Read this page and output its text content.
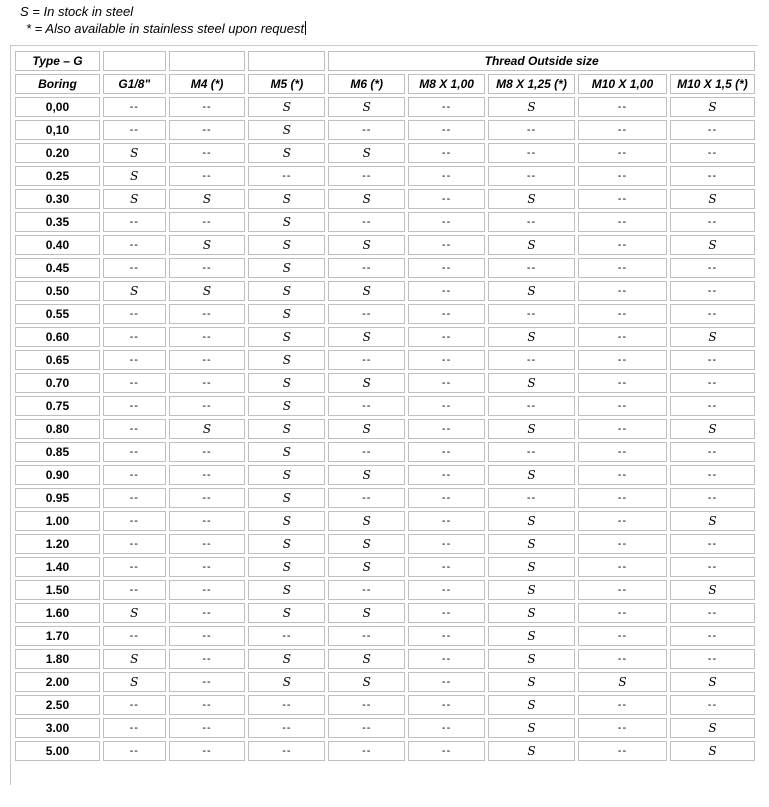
S = In stock in steel
* = Also available in stainless steel upon request
Type – G				Thread Outside size				
Boring	G1/8"	M4 (*)	M5 (*)	M6 (*)	M8 X 1,00	M8 X 1,25 (*)	M10 X 1,00	M10 X 1,5 (*)
0,00	--	--	S	S	--	S	--	S
0,10	--	--	S	--	--	--	--	--
0.20	S	--	S	S	--	--	--	--
0.25	S	--	--	--	--	--	--	--
0.30	S	S	S	S	--	S	--	S
0.35	--	--	S	--	--	--	--	--
0.40	--	S	S	S	--	S	--	S
0.45	--	--	S	--	--	--	--	--
0.50	S	S	S	S	--	S	--	--
0.55	--	--	S	--	--	--	--	--
0.60	--	--	S	S	--	S	--	S
0.65	--	--	S	--	--	--	--	--
0.70	--	--	S	S	--	S	--	--
0.75	--	--	S	--	--	--	--	--
0.80	--	S	S	S	--	S	--	S
0.85	--	--	S	--	--	--	--	--
0.90	--	--	S	S	--	S	--	--
0.95	--	--	S	--	--	--	--	--
1.00	--	--	S	S	--	S	--	S
1.20	--	--	S	S	--	S	--	--
1.40	--	--	S	S	--	S	--	--
1.50	--	--	S	--	--	S	--	S
1.60	S	--	S	S	--	S	--	--
1.70	--	--	--	--	--	S	--	--
1.80	S	--	S	S	--	S	--	--
2.00	S	--	S	S	--	S	S	S
2.50	--	--	--	--	--	S	--	--
3.00	--	--	--	--	--	S	--	S
5.00	--	--	--	--	--	S	--	S
